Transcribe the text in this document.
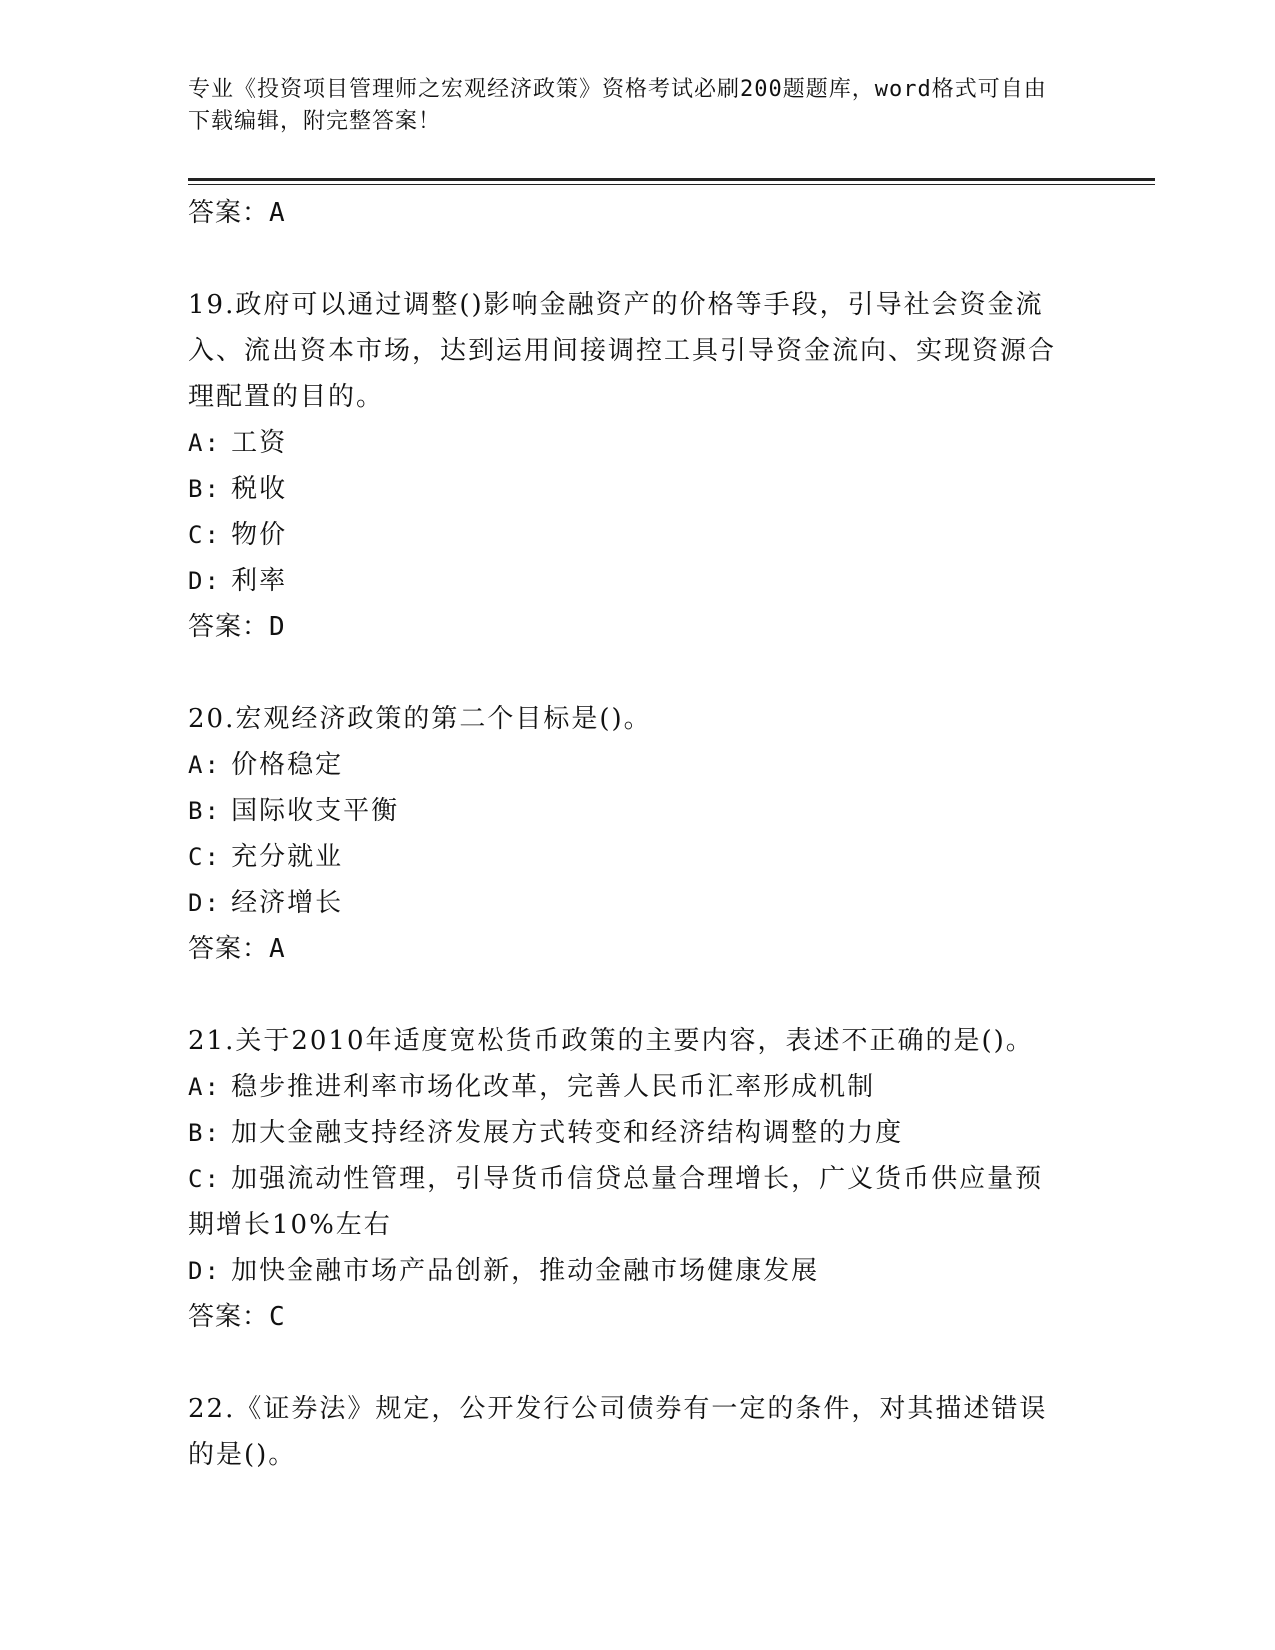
专业《投资项目管理师之宏观经济政策》资格考试必刷200题题库，word格式可自由下载编辑，附完整答案！
答案：A
19.政府可以通过调整()影响金融资产的价格等手段，引导社会资金流入、流出资本市场，达到运用间接调控工具引导资金流向、实现资源合理配置的目的。
A: 工资
B: 税收
C: 物价
D: 利率
答案：D
20.宏观经济政策的第二个目标是()。
A: 价格稳定
B: 国际收支平衡
C: 充分就业
D: 经济增长
答案：A
21.关于2010年适度宽松货币政策的主要内容，表述不正确的是()。
A: 稳步推进利率市场化改革，完善人民币汇率形成机制
B: 加大金融支持经济发展方式转变和经济结构调整的力度
C: 加强流动性管理，引导货币信贷总量合理增长，广义货币供应量预期增长10%左右
D: 加快金融市场产品创新，推动金融市场健康发展
答案：C
22.《证券法》规定，公开发行公司债券有一定的条件，对其描述错误的是()。
